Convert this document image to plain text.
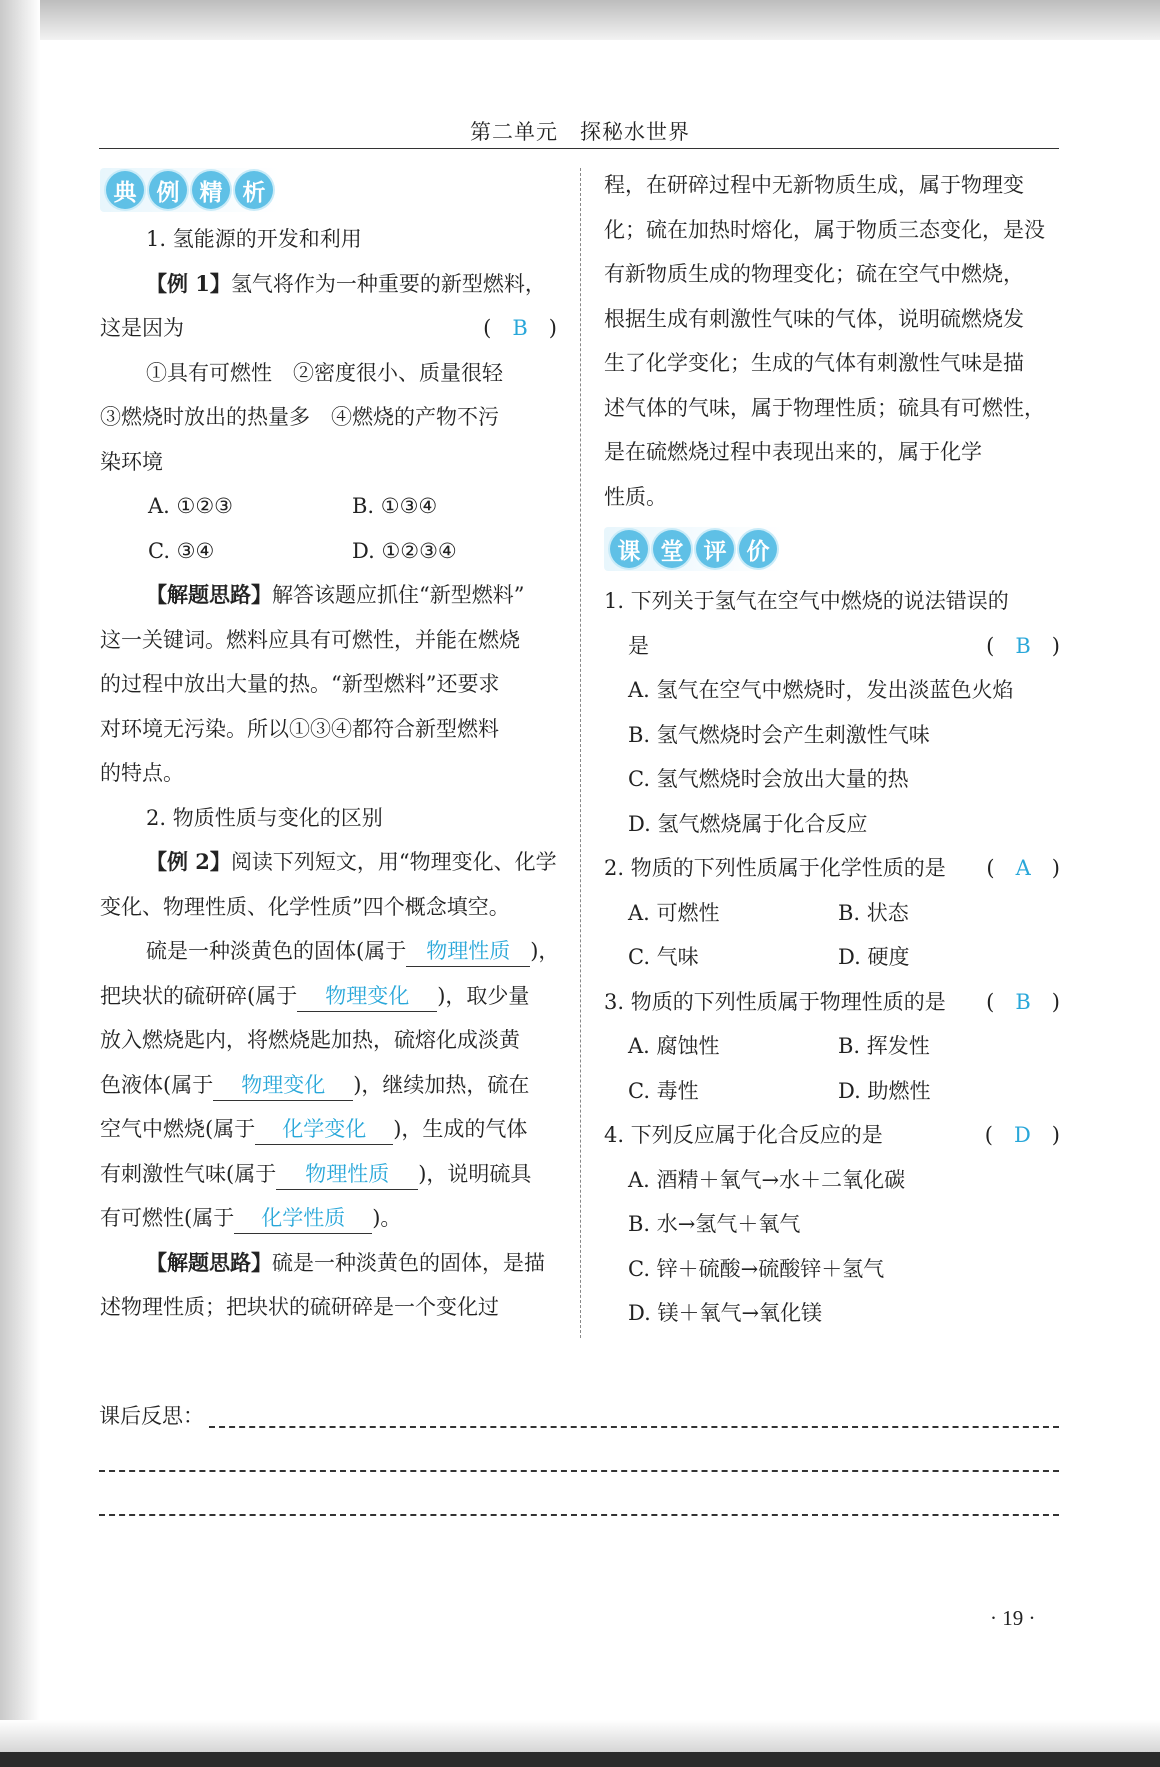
第二单元　探秘水世界
典 例 精 析
1. 氢能源的开发和利用
【例 1】氢气将作为一种重要的新型燃料，
这是因为	(　B　)
①具有可燃性　②密度很小、质量很轻
③燃烧时放出的热量多　④燃烧的产物不污
染环境
A. ①②③	B. ①③④
C. ③④	D. ①②③④
【解题思路】解答该题应抓住“新型燃料”
这一关键词。燃料应具有可燃性，并能在燃烧
的过程中放出大量的热。“新型燃料”还要求
对环境无污染。所以①③④都符合新型燃料
的特点。
2. 物质性质与变化的区别
【例 2】阅读下列短文，用“物理变化、化学
变化、物理性质、化学性质”四个概念填空。
硫是一种淡黄色的固体(属于 物理性质 )，
把块状的硫研碎(属于 物理变化 )，取少量
放入燃烧匙内，将燃烧匙加热，硫熔化成淡黄
色液体(属于 物理变化 )，继续加热，硫在
空气中燃烧(属于 化学变化 )，生成的气体
有刺激性气味(属于 物理性质 )，说明硫具
有可燃性(属于 化学性质 )。
【解题思路】硫是一种淡黄色的固体，是描
述物理性质；把块状的硫研碎是一个变化过
程，在研碎过程中无新物质生成，属于物理变
化；硫在加热时熔化，属于物质三态变化，是没
有新物质生成的物理变化；硫在空气中燃烧，
根据生成有刺激性气味的气体，说明硫燃烧发
生了化学变化；生成的气体有刺激性气味是描
述气体的气味，属于物理性质；硫具有可燃性，
是在硫燃烧过程中表现出来的，属于化学
性质。
课 堂 评 价
1. 下列关于氢气在空气中燃烧的说法错误的
是	(　B　)
A. 氢气在空气中燃烧时，发出淡蓝色火焰
B. 氢气燃烧时会产生刺激性气味
C. 氢气燃烧时会放出大量的热
D. 氢气燃烧属于化合反应
2. 物质的下列性质属于化学性质的是 (　A　)
A. 可燃性	B. 状态
C. 气味	D. 硬度
3. 物质的下列性质属于物理性质的是 (　B　)
A. 腐蚀性	B. 挥发性
C. 毒性	D. 助燃性
4. 下列反应属于化合反应的是	(　D　)
A. 酒精＋氧气→水＋二氧化碳
B. 水→氢气＋氧气
C. 锌＋硫酸→硫酸锌＋氢气
D. 镁＋氧气→氧化镁
课后反思：
· 19 ·
